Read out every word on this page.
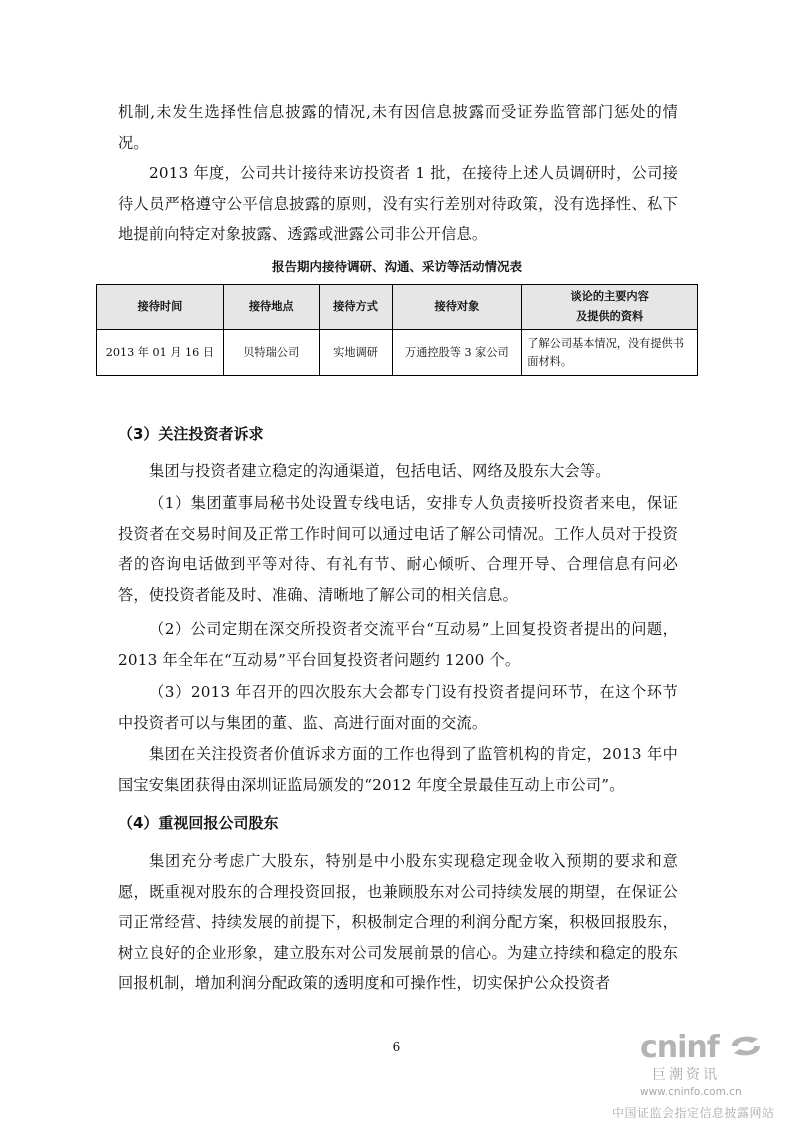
机制,未发生选择性信息披露的情况,未有因信息披露而受证券监管部门惩处的情况。

2013 年度，公司共计接待来访投资者 1 批，在接待上述人员调研时，公司接待人员严格遵守公平信息披露的原则，没有实行差别对待政策，没有选择性、私下地提前向特定对象披露、透露或泄露公司非公开信息。

报告期内接待调研、沟通、采访等活动情况表
接待时间	接待地点	接待方式	接待对象	谈论的主要内容
及提供的资料

2013 年 01 月 16 日	贝特瑞公司	实地调研	万通控股等 3 家公司	了解公司基本情况，没有提供书面材料。
（3）关注投资者诉求

集团与投资者建立稳定的沟通渠道，包括电话、网络及股东大会等。

（1）集团董事局秘书处设置专线电话，安排专人负责接听投资者来电，保证投资者在交易时间及正常工作时间可以通过电话了解公司情况。工作人员对于投资者的咨询电话做到平等对待、有礼有节、耐心倾听、合理开导、合理信息有问必答，使投资者能及时、准确、清晰地了解公司的相关信息。

（2）公司定期在深交所投资者交流平台“互动易”上回复投资者提出的问题，2013 年全年在“互动易”平台回复投资者问题约 1200 个。

（3）2013 年召开的四次股东大会都专门设有投资者提问环节，在这个环节中投资者可以与集团的董、监、高进行面对面的交流。

集团在关注投资者价值诉求方面的工作也得到了监管机构的肯定，2013 年中国宝安集团获得由深圳证监局颁发的“2012 年度全景最佳互动上市公司”。

（4）重视回报公司股东

集团充分考虑广大股东，特别是中小股东实现稳定现金收入预期的要求和意愿，既重视对股东的合理投资回报，也兼顾股东对公司持续发展的期望，在保证公司正常经营、持续发展的前提下，积极制定合理的利润分配方案，积极回报股东，树立良好的企业形象，建立股东对公司发展前景的信心。为建立持续和稳定的股东回报机制，增加利润分配政策的透明度和可操作性，切实保护公众投资者

6	cninf
巨潮资讯
www.cninfo.com.cn
中国证监会指定信息披露网站
